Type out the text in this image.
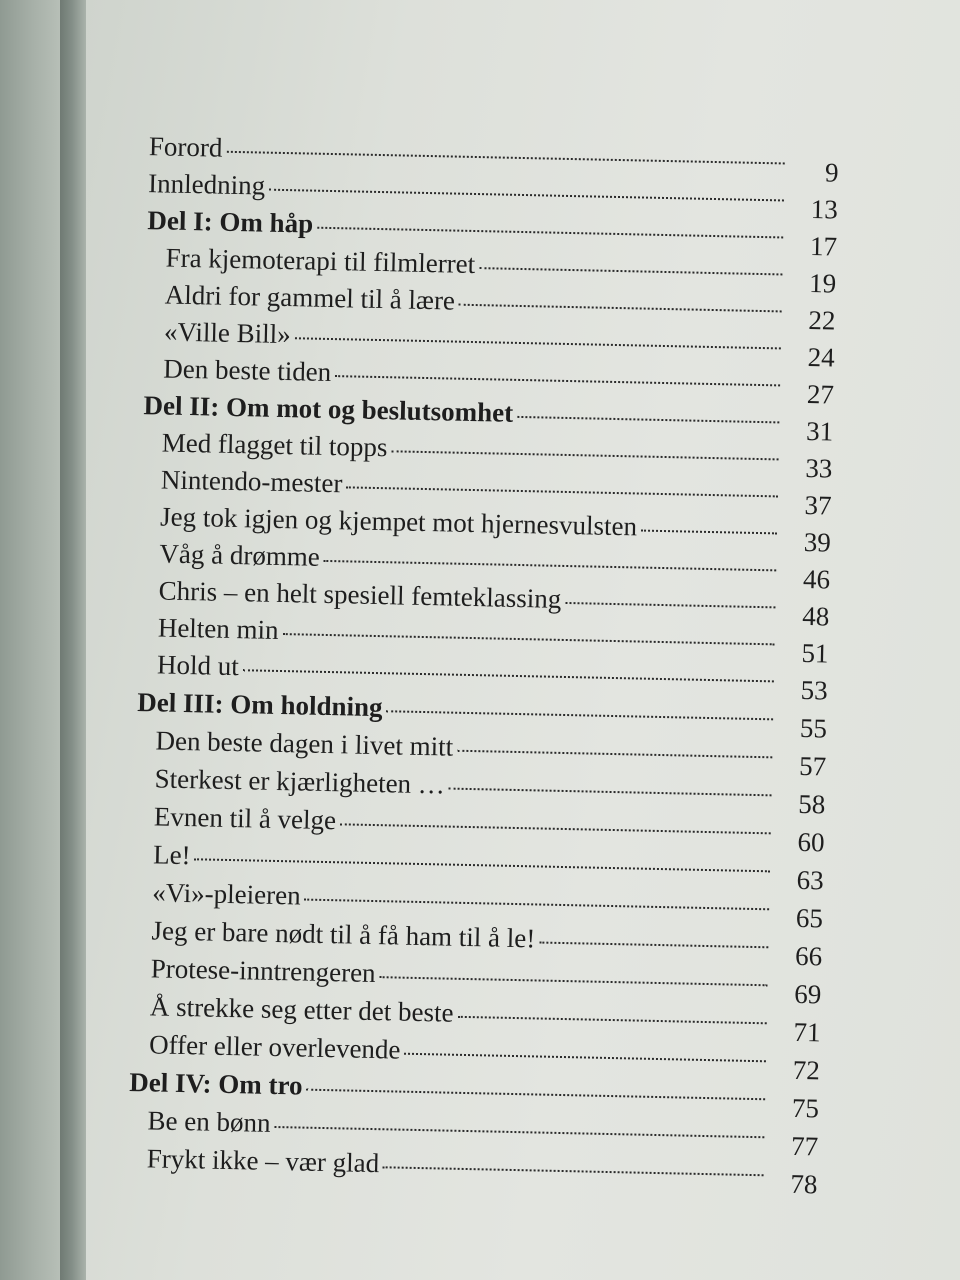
Forord
9
Innledning
13
Del I: Om håp
17
Fra kjemoterapi til filmlerret
19
Aldri for gammel til å lære
22
«Ville Bill»
24
Den beste tiden
27
Del II: Om mot og beslutsomhet
31
Med flagget til topps
33
Nintendo-mester
37
Jeg tok igjen og kjempet mot hjernesvulsten
39
Våg å drømme
46
Chris – en helt spesiell femteklassing
48
Helten min
51
Hold ut
53
Del III: Om holdning
55
Den beste dagen i livet mitt
57
Sterkest er kjærligheten …
58
Evnen til å velge
60
Le!
63
«Vi»-pleieren
65
Jeg er bare nødt til å få ham til å le!
66
Protese-inntrengeren
69
Å strekke seg etter det beste
71
Offer eller overlevende
72
Del IV: Om tro
75
Be en bønn
77
Frykt ikke – vær glad
78
